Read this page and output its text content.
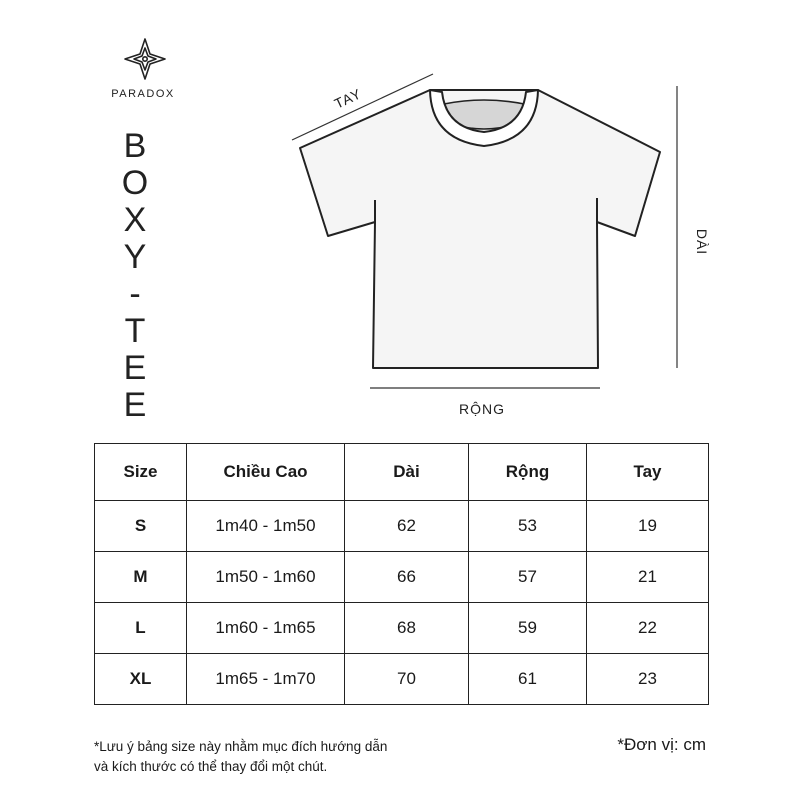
PARADOX
B
O
X
Y
-
T
E
E
TAY
DÀI
RỘNG
Size	Chiều Cao	Dài	Rộng	Tay
S	1m40 - 1m50	62	53	19
M	1m50 - 1m60	66	57	21
L	1m60 - 1m65	68	59	22
XL	1m65 - 1m70	70	61	23
*Lưu ý bảng size này nhằm mục đích hướng dẫn
và kích thước có thể thay đổi một chút.
*Đơn vị: cm
